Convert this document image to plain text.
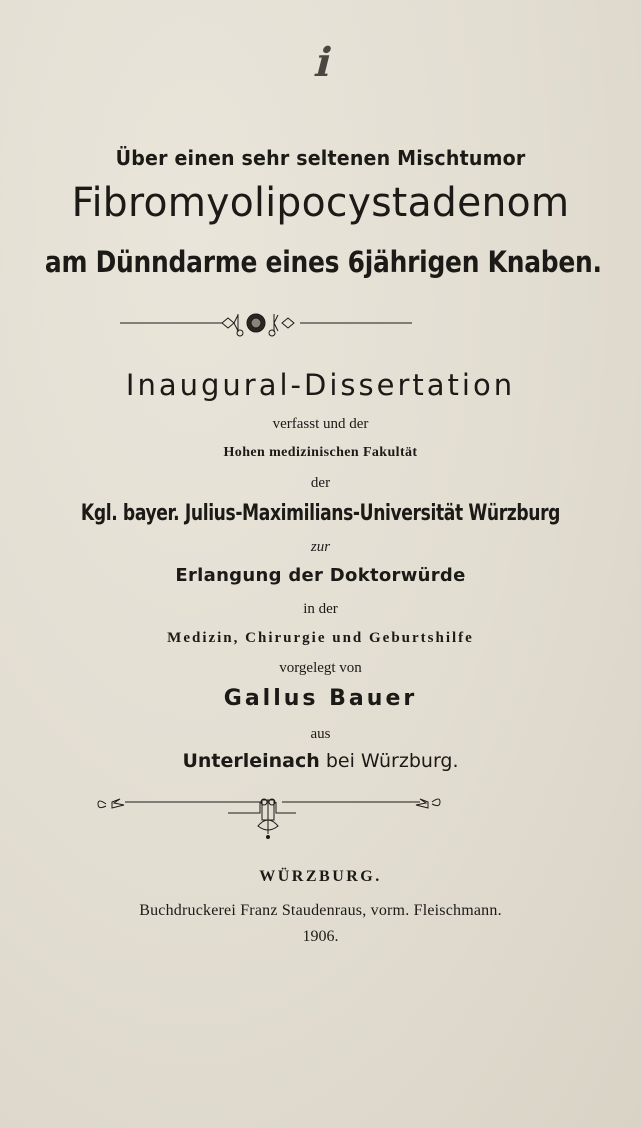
ℹ
Über einen sehr seltenen Mischtumor
Fibromyolipocystadenom
am Dünndarme eines 6jährigen Knaben.
Inaugural-Dissertation
verfasst und der
Hohen medizinischen Fakultät
der
Kgl. bayer. Julius-Maximilians-Universität Würzburg
zur
Erlangung der Doktorwürde
in der
Medizin, Chirurgie und Geburtshilfe
vorgelegt von
Gallus Bauer
aus
Unterleinach bei Würzburg.
WÜRZBURG.
Buchdruckerei Franz Staudenraus, vorm. Fleischmann.
1906.
